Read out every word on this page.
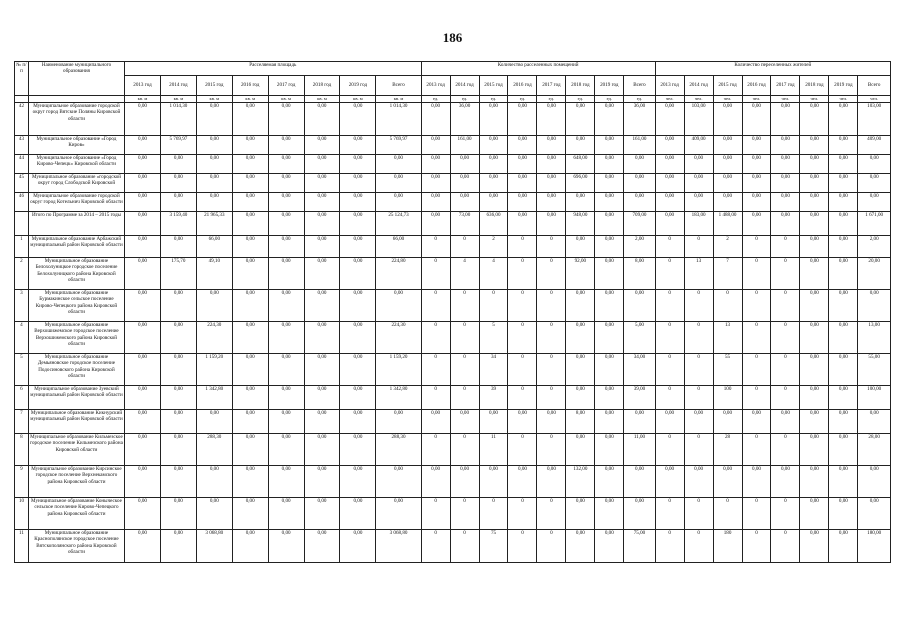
186
№ п/п	Наименование муниципального образования	Расселяемая площадь								Количество расселенных помещений								Количество переселенных жителей							
		2013 год	2014 год	2015 год	2016 год	2017 год	2018 год	2019 год	Всего	2013 год	2014 год	2015 год	2016 год	2017 год	2018 год	2019 год	Всего	2013 год	2014 год	2015 год	2016 год	2017 год	2018 год	2019 год	Всего
		кв. м	кв. м	кв. м	кв. м	кв. м	кв. м	кв. м	кв. м	ед.	ед.	ед.	ед.	ед.	ед.	ед.	ед.	чел.	чел.	чел.	чел.	чел.	чел.	чел.	чел.
42	Муниципальное образование городской округ город Вятские Поляны Кировской области	0,00	1 014,30	0,00	0,00	0,00	0,00	0,00	1 014,30	0,00	36,00	0,00	0,00	0,00	0,00	0,00	36,00	0,00	103,00	0,00	0,00	0,00	0,00	0,00	103,00
43	Муниципальное образование «Город Киров»	0,00	5 769,97	0,00	0,00	0,00	0,00	0,00	5 769,97	0,00	161,00	0,00	0,00	0,00	0,00	0,00	161,00	0,00	409,00	0,00	0,00	0,00	0,00	0,00	409,00
44	Муниципальное образование «Город Кирово-Чепецк» Кировской области	0,00	0,00	0,00	0,00	0,00	0,00	0,00	0,00	0,00	0,00	0,00	0,00	0,00	648,00	0,00	0,00	0,00	0,00	0,00	0,00	0,00	0,00	0,00	0,00
45	Муниципальное образование «городской округ город Слободской Кировской	0,00	0,00	0,00	0,00	0,00	0,00	0,00	0,00	0,00	0,00	0,00	0,00	0,00	696,00	0,00	0,00	0,00	0,00	0,00	0,00	0,00	0,00	0,00	0,00
46	Муниципальное образование городской округ город Котельнич Кировской области	0,00	0,00	0,00	0,00	0,00	0,00	0,00	0,00	0,00	0,00	0,00	0,00	0,00	0,00	0,00	0,00	0,00	0,00	0,00	0,00	0,00	0,00	0,00	0,00
	Итого по Программе за 2014 – 2015 годы	0,00	3 159,40	21 965,33	0,00	0,00	0,00	0,00	25 124,73	0,00	73,00	636,00	0,00	0,00	948,00	0,00	709,00	0,00	183,00	1 488,00	0,00	0,00	0,00	0,00	1 671,00
1	Муниципальное образование Арбажский муниципальный район Кировской области	0,00	0,00	66,00	0,00	0,00	0,00	0,00	66,00	0	0	2	0	0	0,00	0,00	2,00	0	0	2	0	0	0,00	0,00	2,00
2	Муниципальное образование Белохолуницкое городское поселение Белохолуницкого района Кировской области	0,00	175,70	49,10	0,00	0,00	0,00	0,00	224,80	0	4	4	0	0	92,00	0,00	8,00	0	13	7	0	0	0,00	0,00	20,00
3	Муниципальное образование Бурмакинское сельское поселение Кирово-Чепецкого района Кировской области	0,00	0,00	0,00	0,00	0,00	0,00	0,00	0,00	0	0	0	0	0	0,00	0,00	0,00	0	0	0	0	0	0,00	0,00	0,00
4	Муниципальное образование Верхошижемское городское поселение Верхошижемского района Кировской области	0,00	0,00	224,30	0,00	0,00	0,00	0,00	224,30	0	0	5	0	0	0,00	0,00	5,00	0	0	13	0	0	0,00	0,00	13,00
5	Муниципальное образование Демьяновское городское поселение Подосиновского района Кировской области	0,00	0,00	1 159,20	0,00	0,00	0,00	0,00	1 159,20	0	0	34	0	0	0,00	0,00	34,00	0	0	55	0	0	0,00	0,00	55,00
6	Муниципальное образование Зуевский муниципальный район Кировской области	0,00	0,00	1 342,80	0,00	0,00	0,00	0,00	1 342,80	0	0	39	0	0	0,00	0,00	39,00	0	0	100	0	0	0,00	0,00	100,00
7	Муниципальное образование Кикнурский муниципальный район Кировской области	0,00	0,00	0,00	0,00	0,00	0,00	0,00	0,00	0,00	0,00	0,00	0,00	0,00	8,00	0,00	0,00	0,00	0,00	0,00	0,00	0,00	0,00	0,00	0,00
8	Муниципальное образование Кильмезское городское поселение Кильмезского района Кировской области	0,00	0,00	288,30	0,00	0,00	0,00	0,00	288,30	0	0	11	0	0	0,00	0,00	11,00	0	0	28	0	0	0,00	0,00	28,00
9	Муниципальное образование Кирсинское городское поселение Верхнекамского района Кировской области	0,00	0,00	0,00	0,00	0,00	0,00	0,00	0,00	0,00	0,00	0,00	0,00	0,00	132,00	0,00	0,00	0,00	0,00	0,00	0,00	0,00	0,00	0,00	0,00
10	Муниципальное образование Коныческое сельское поселение Кирово-Чепецкого района Кировской области	0,00	0,00	0,00	0,00	0,00	0,00	0,00	0,00	0	0	0	0	0	0,00	0,00	0,00	0	0	0	0	0	0,00	0,00	0,00
11	Муниципальное образование Краснополянское городское поселение Вятскополянского района Кировской области	0,00	0,00	3 068,80	0,00	0,00	0,00	0,00	3 068,80	0	0	75	0	0	0,00	0,00	75,00	0	0	180	0	0	0,00	0,00	180,00
